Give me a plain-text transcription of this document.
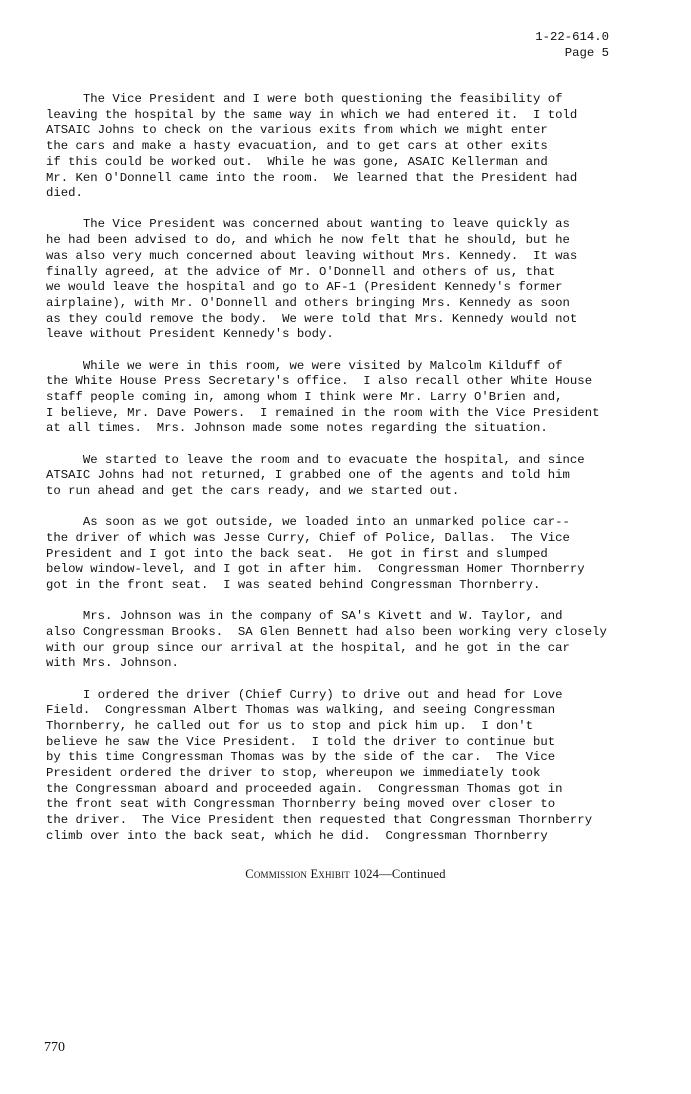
1-22-614.0
Page 5

The Vice President and I were both questioning the feasibility of
leaving the hospital by the same way in which we had entered it.  I told
ATSAIC Johns to check on the various exits from which we might enter
the cars and make a hasty evacuation, and to get cars at other exits
if this could be worked out.  While he was gone, ASAIC Kellerman and
Mr. Ken O'Donnell came into the room.  We learned that the President had
died.

The Vice President was concerned about wanting to leave quickly as
he had been advised to do, and which he now felt that he should, but he
was also very much concerned about leaving without Mrs. Kennedy.  It was
finally agreed, at the advice of Mr. O'Donnell and others of us, that
we would leave the hospital and go to AF-1 (President Kennedy's former
airplaine), with Mr. O'Donnell and others bringing Mrs. Kennedy as soon
as they could remove the body.  We were told that Mrs. Kennedy would not
leave without President Kennedy's body.

While we were in this room, we were visited by Malcolm Kilduff of
the White House Press Secretary's office.  I also recall other White House
staff people coming in, among whom I think were Mr. Larry O'Brien and,
I believe, Mr. Dave Powers.  I remained in the room with the Vice President
at all times.  Mrs. Johnson made some notes regarding the situation.

We started to leave the room and to evacuate the hospital, and since
ATSAIC Johns had not returned, I grabbed one of the agents and told him
to run ahead and get the cars ready, and we started out.

As soon as we got outside, we loaded into an unmarked police car--
the driver of which was Jesse Curry, Chief of Police, Dallas.  The Vice
President and I got into the back seat.  He got in first and slumped
below window-level, and I got in after him.  Congressman Homer Thornberry
got in the front seat.  I was seated behind Congressman Thornberry.

Mrs. Johnson was in the company of SA's Kivett and W. Taylor, and
also Congressman Brooks.  SA Glen Bennett had also been working very closely
with our group since our arrival at the hospital, and he got in the car
with Mrs. Johnson.

I ordered the driver (Chief Curry) to drive out and head for Love
Field.  Congressman Albert Thomas was walking, and seeing Congressman
Thornberry, he called out for us to stop and pick him up.  I don't
believe he saw the Vice President.  I told the driver to continue but
by this time Congressman Thomas was by the side of the car.  The Vice
President ordered the driver to stop, whereupon we immediately took
the Congressman aboard and proceeded again.  Congressman Thomas got in
the front seat with Congressman Thornberry being moved over closer to
the driver.  The Vice President then requested that Congressman Thornberry
climb over into the back seat, which he did.  Congressman Thornberry

Commission Exhibit 1024—Continued
770
